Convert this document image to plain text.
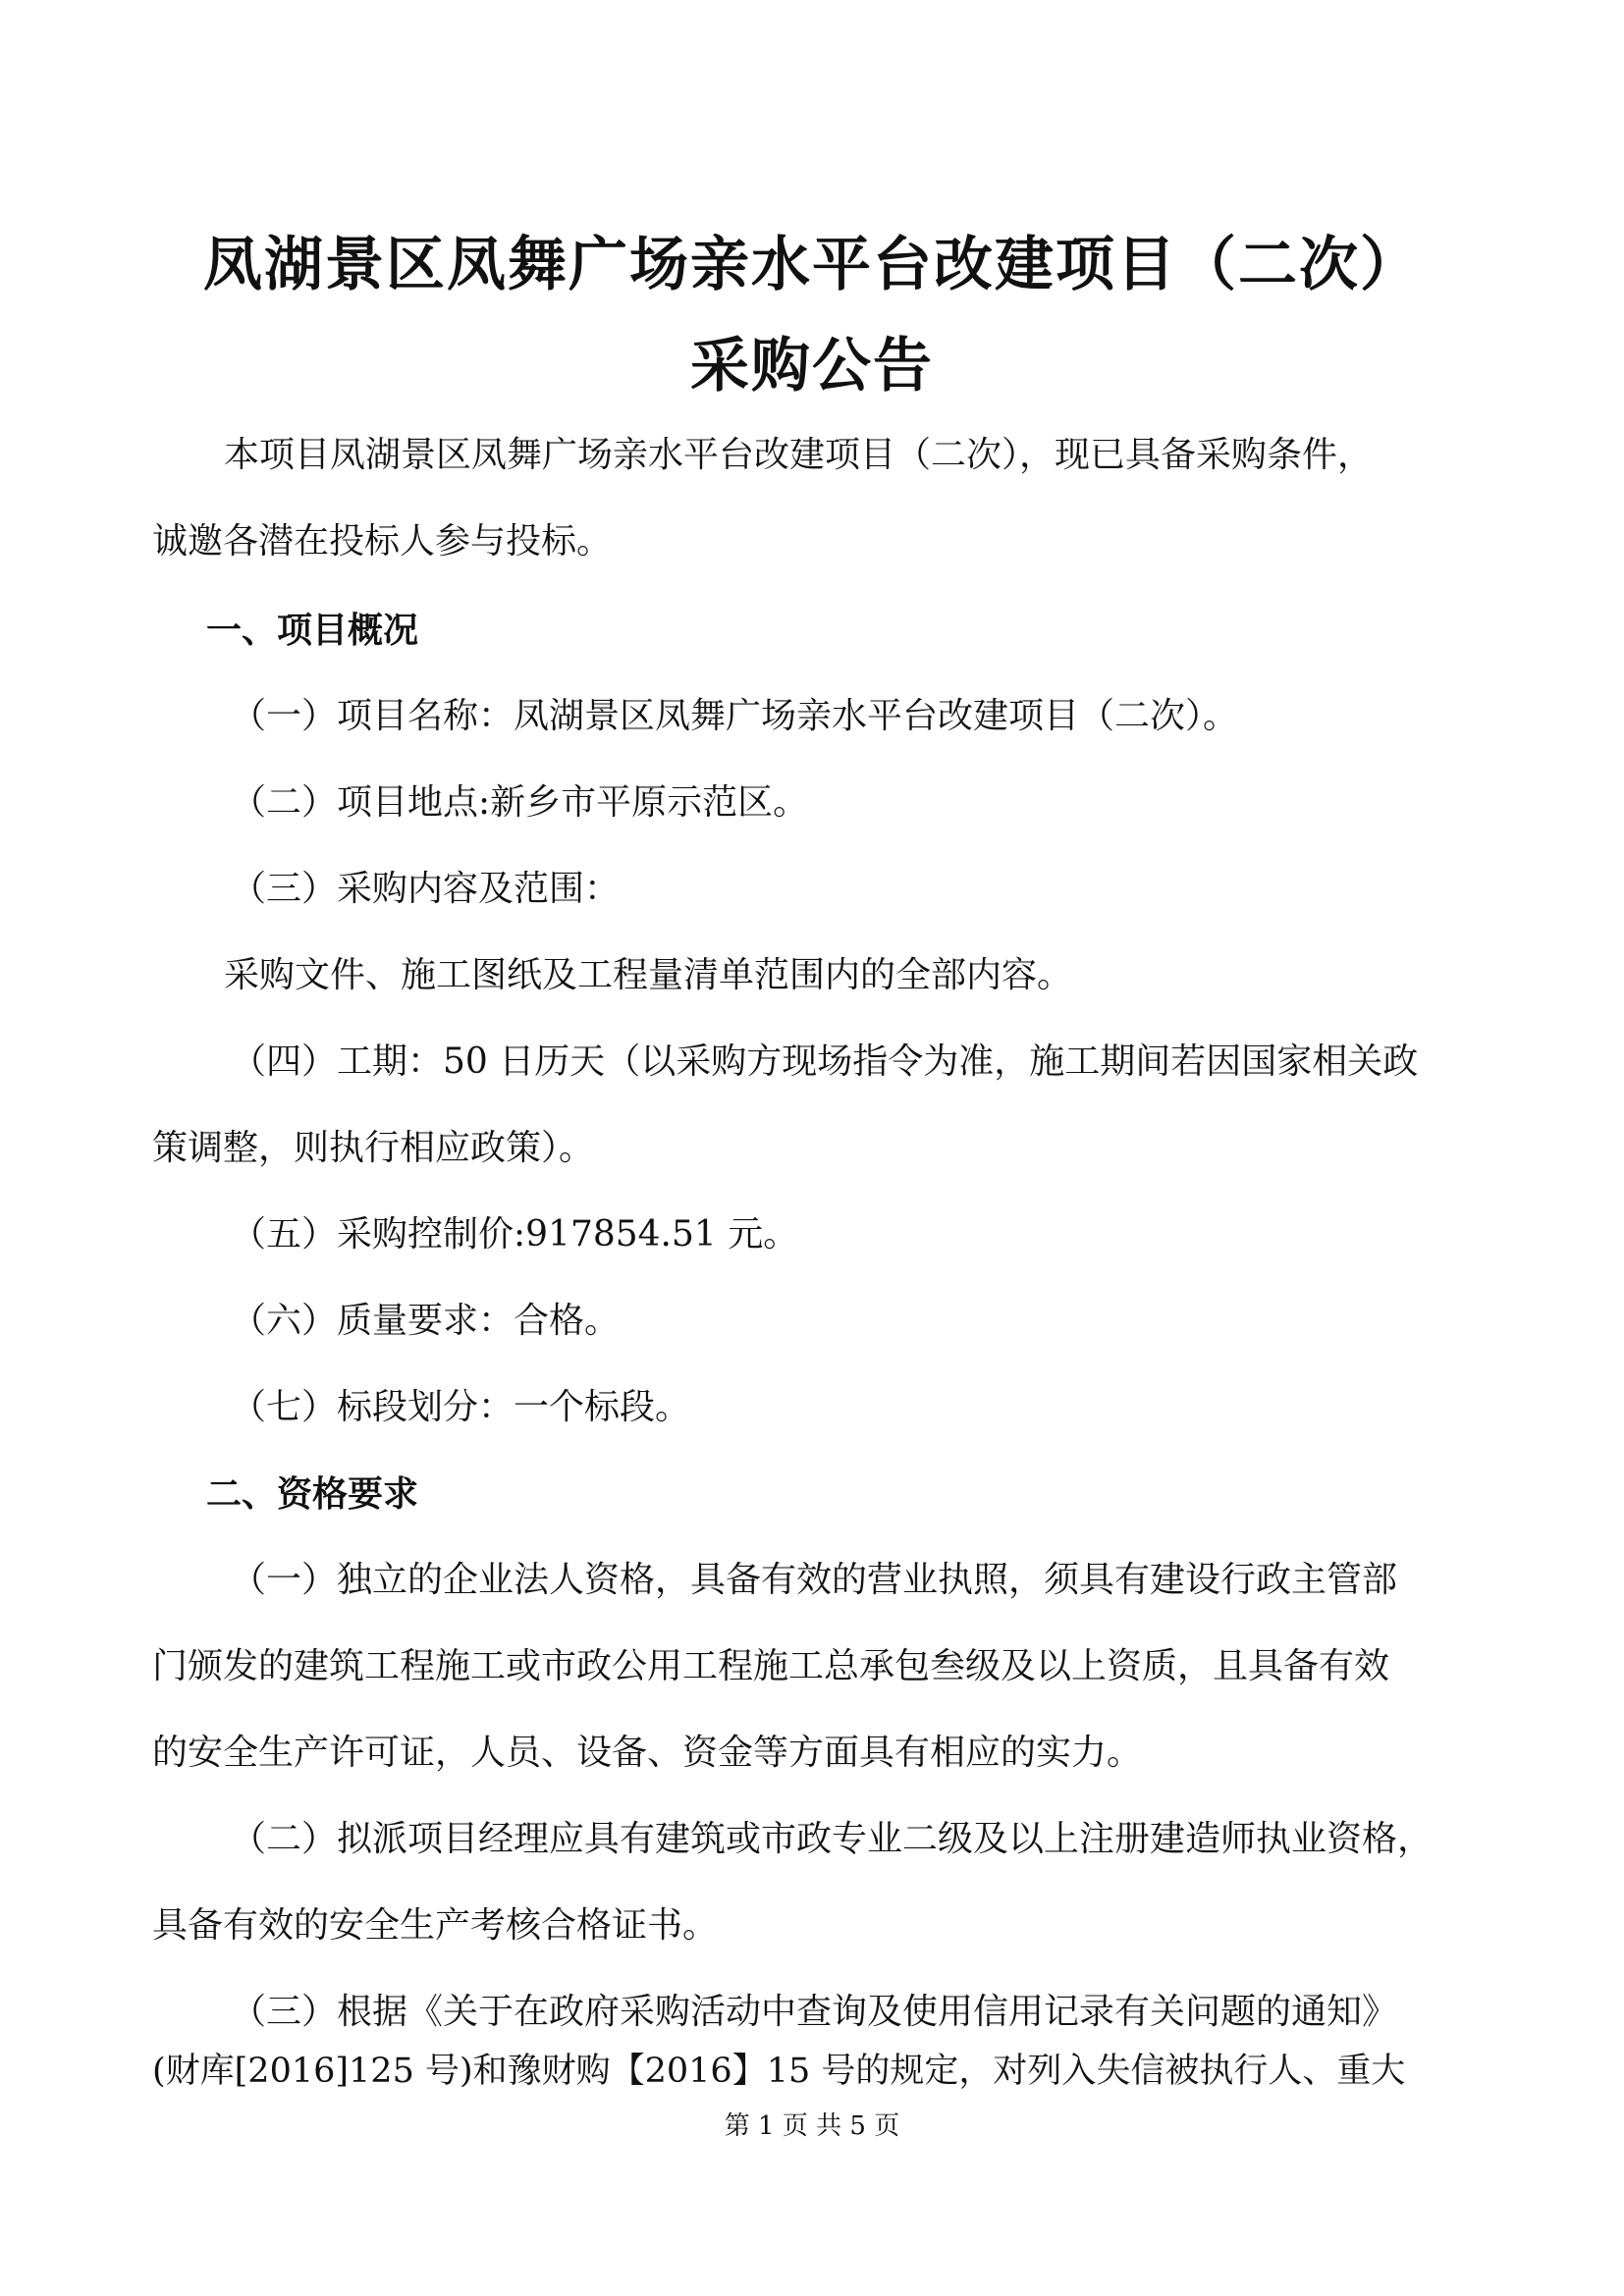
凤湖景区凤舞广场亲水平台改建项目（二次）
采购公告
本项目凤湖景区凤舞广场亲水平台改建项目（二次），现已具备采购条件，
诚邀各潜在投标人参与投标。
一、项目概况
（一）项目名称：凤湖景区凤舞广场亲水平台改建项目（二次）。
（二）项目地点:新乡市平原示范区。
（三）采购内容及范围：
采购文件、施工图纸及工程量清单范围内的全部内容。
（四）工期：50 日历天（以采购方现场指令为准，施工期间若因国家相关政
策调整，则执行相应政策）。
（五）采购控制价:917854.51 元。
（六）质量要求：合格。
（七）标段划分：一个标段。
二、资格要求
（一）独立的企业法人资格，具备有效的营业执照，须具有建设行政主管部
门颁发的建筑工程施工或市政公用工程施工总承包叁级及以上资质，且具备有效
的安全生产许可证，人员、设备、资金等方面具有相应的实力。
（二）拟派项目经理应具有建筑或市政专业二级及以上注册建造师执业资格，
具备有效的安全生产考核合格证书。
（三）根据《关于在政府采购活动中查询及使用信用记录有关问题的通知》
(财库[2016]125 号)和豫财购【2016】15 号的规定，对列入失信被执行人、重大
第 1 页 共 5 页
